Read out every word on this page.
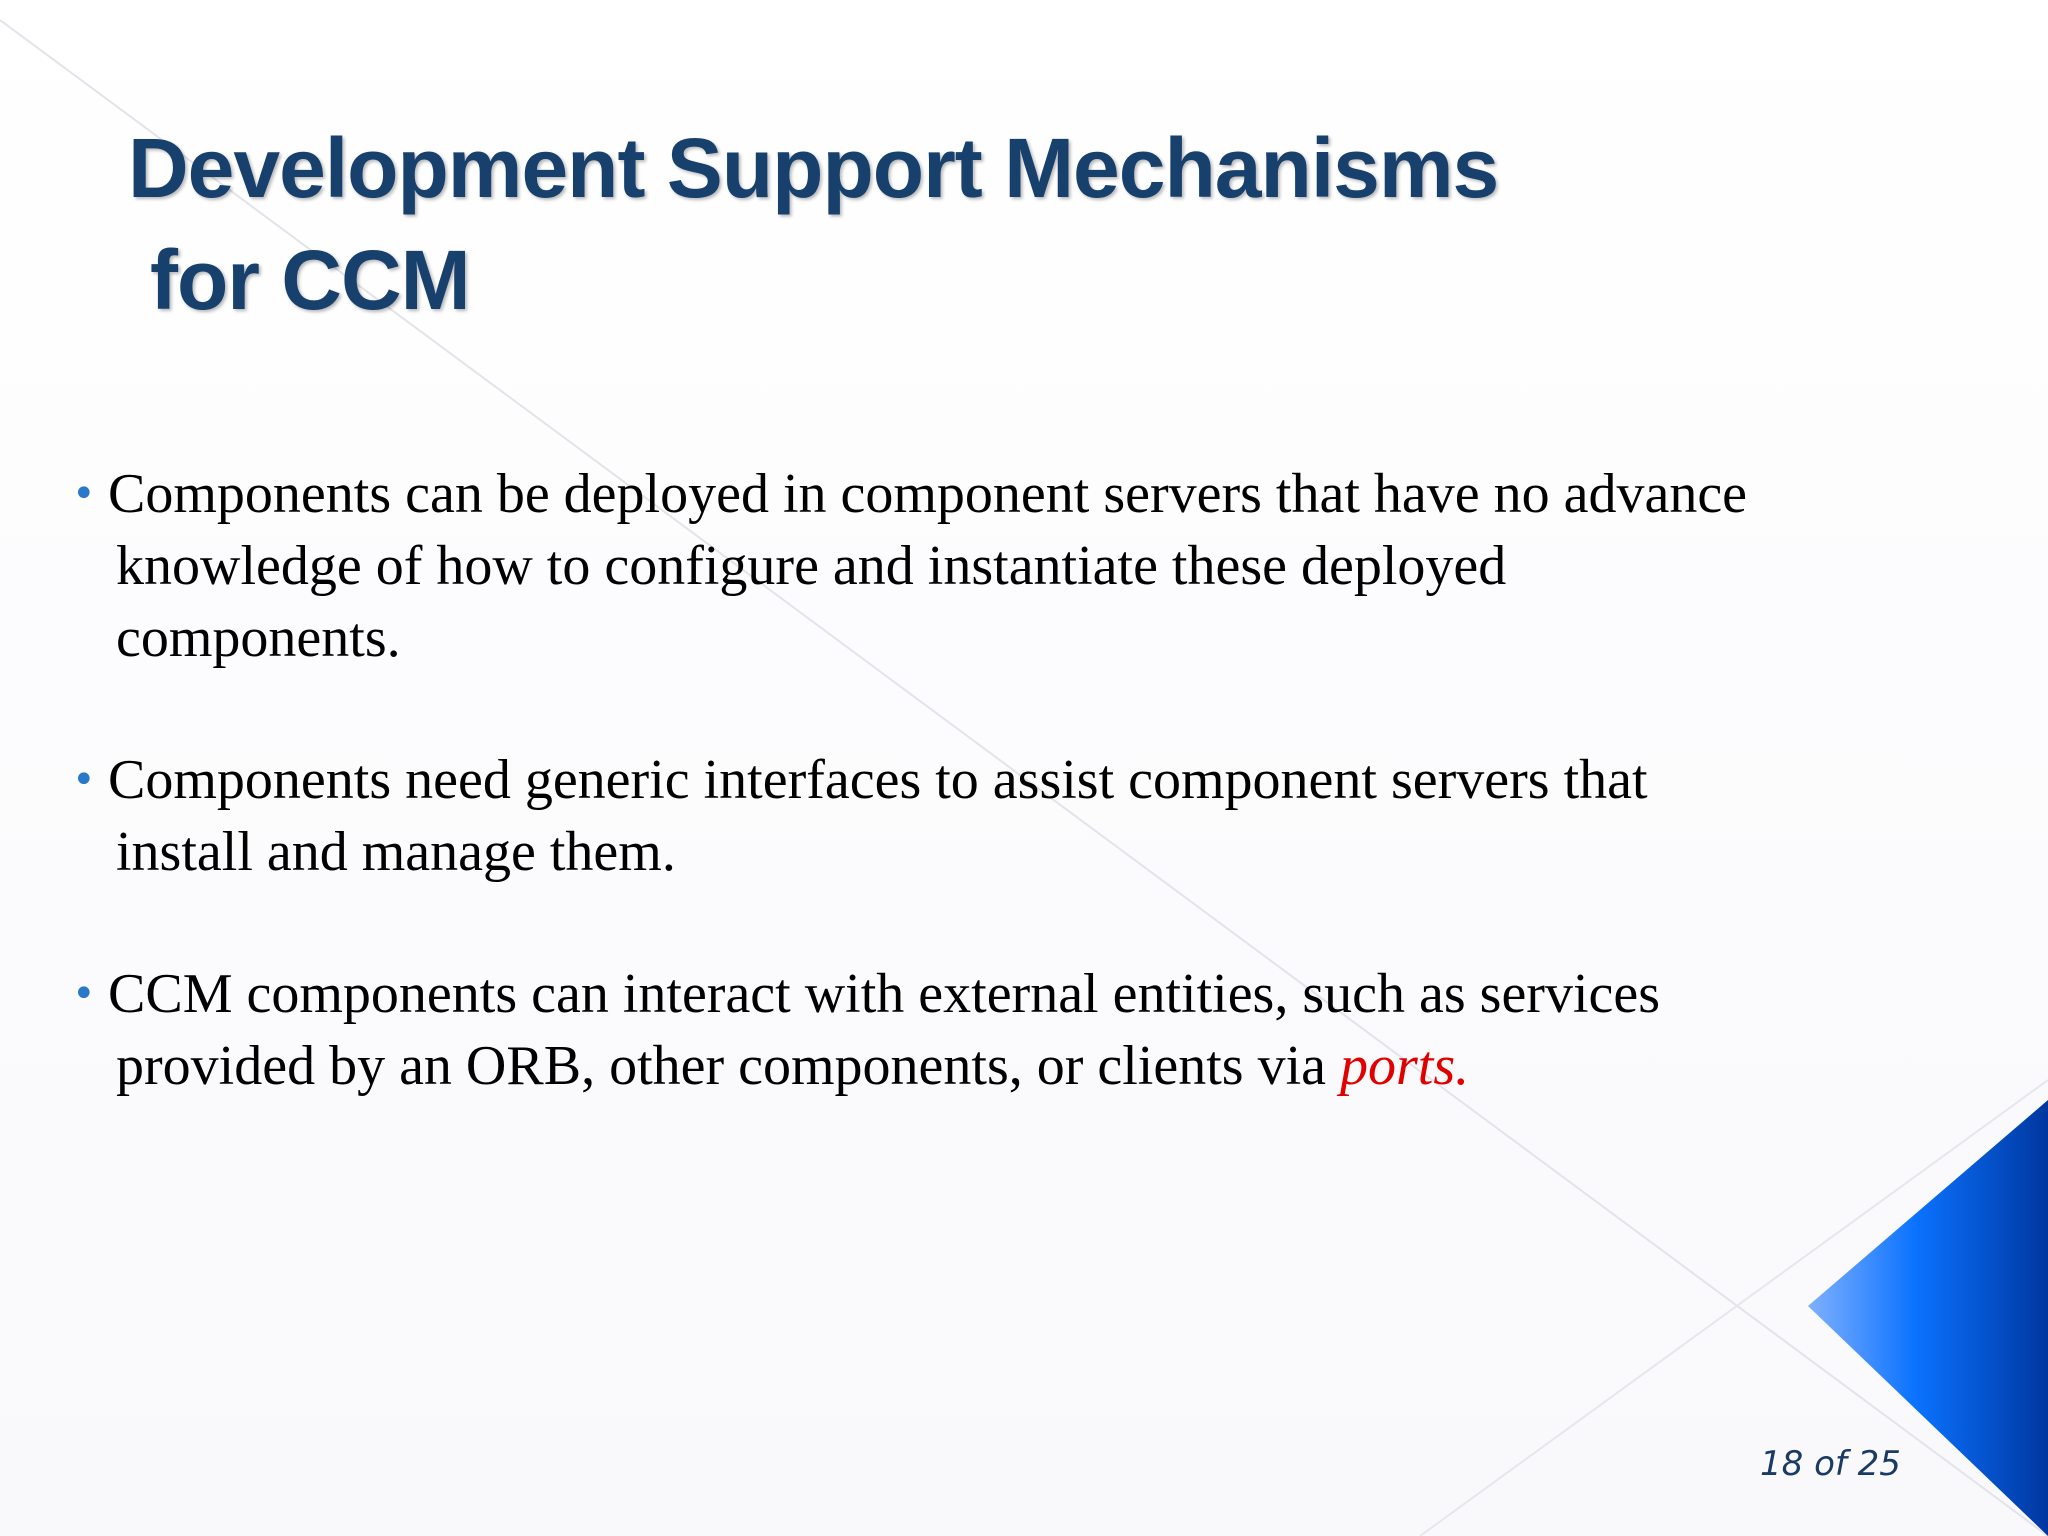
Development Support Mechanisms
for CCM
• Components can be deployed in component servers that have no advance
knowledge of how to configure and instantiate these deployed
components.
• Components need generic interfaces to assist component servers that
install and manage them.
• CCM components can interact with external entities, such as services
provided by an ORB, other components, or clients via ports.
18 of 25
